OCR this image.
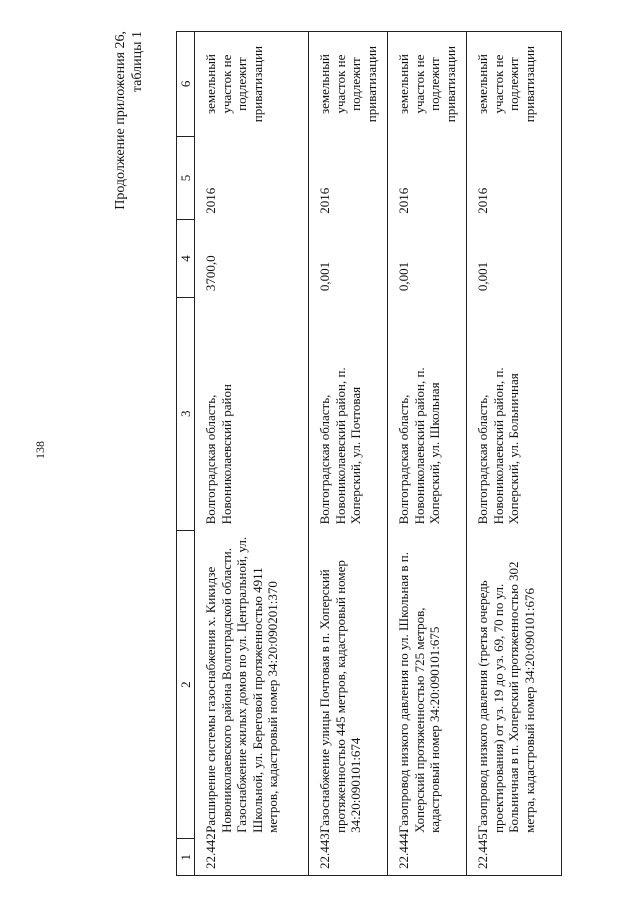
138
Продолжение приложения 26, таблицы 1
1	2	3	4	5	6
22.442.	Расширение системы газоснабжения х. Кикидзе Новониколаевского района Волгоградской области. Газоснабжение жилых домов по ул. Центральной, ул. Школьной, ул. Береговой протяженностью 4911 метров, кадастровый номер 34:20:090201:370	Волгоградская область, Новониколаевский район	3700,0	2016	земельный участок не подлежит приватизации
22.443.	Газоснабжение улицы Почтовая в п. Хоперский протяженностью 445 метров, кадастровый номер 34:20:090101:674	Волгоградская область, Новониколаевский район, п. Хоперский, ул. Почтовая	0,001	2016	земельный участок не подлежит приватизации
22.444.	Газопровод низкого давления по ул. Школьная в п. Хоперский протяженностью 725 метров, кадастровый номер 34:20:090101:675	Волгоградская область, Новониколаевский район, п. Хоперский, ул. Школьная	0,001	2016	земельный участок не подлежит приватизации
22.445.	Газопровод низкого давления (третья очередь проектирования) от уз. 19 до уз. 69, 70 по ул. Больничная в п. Хоперский протяженностью 302 метра, кадастровый номер 34:20:090101:676	Волгоградская область, Новониколаевский район, п. Хоперский, ул. Больничная	0,001	2016	земельный участок не подлежит приватизации
